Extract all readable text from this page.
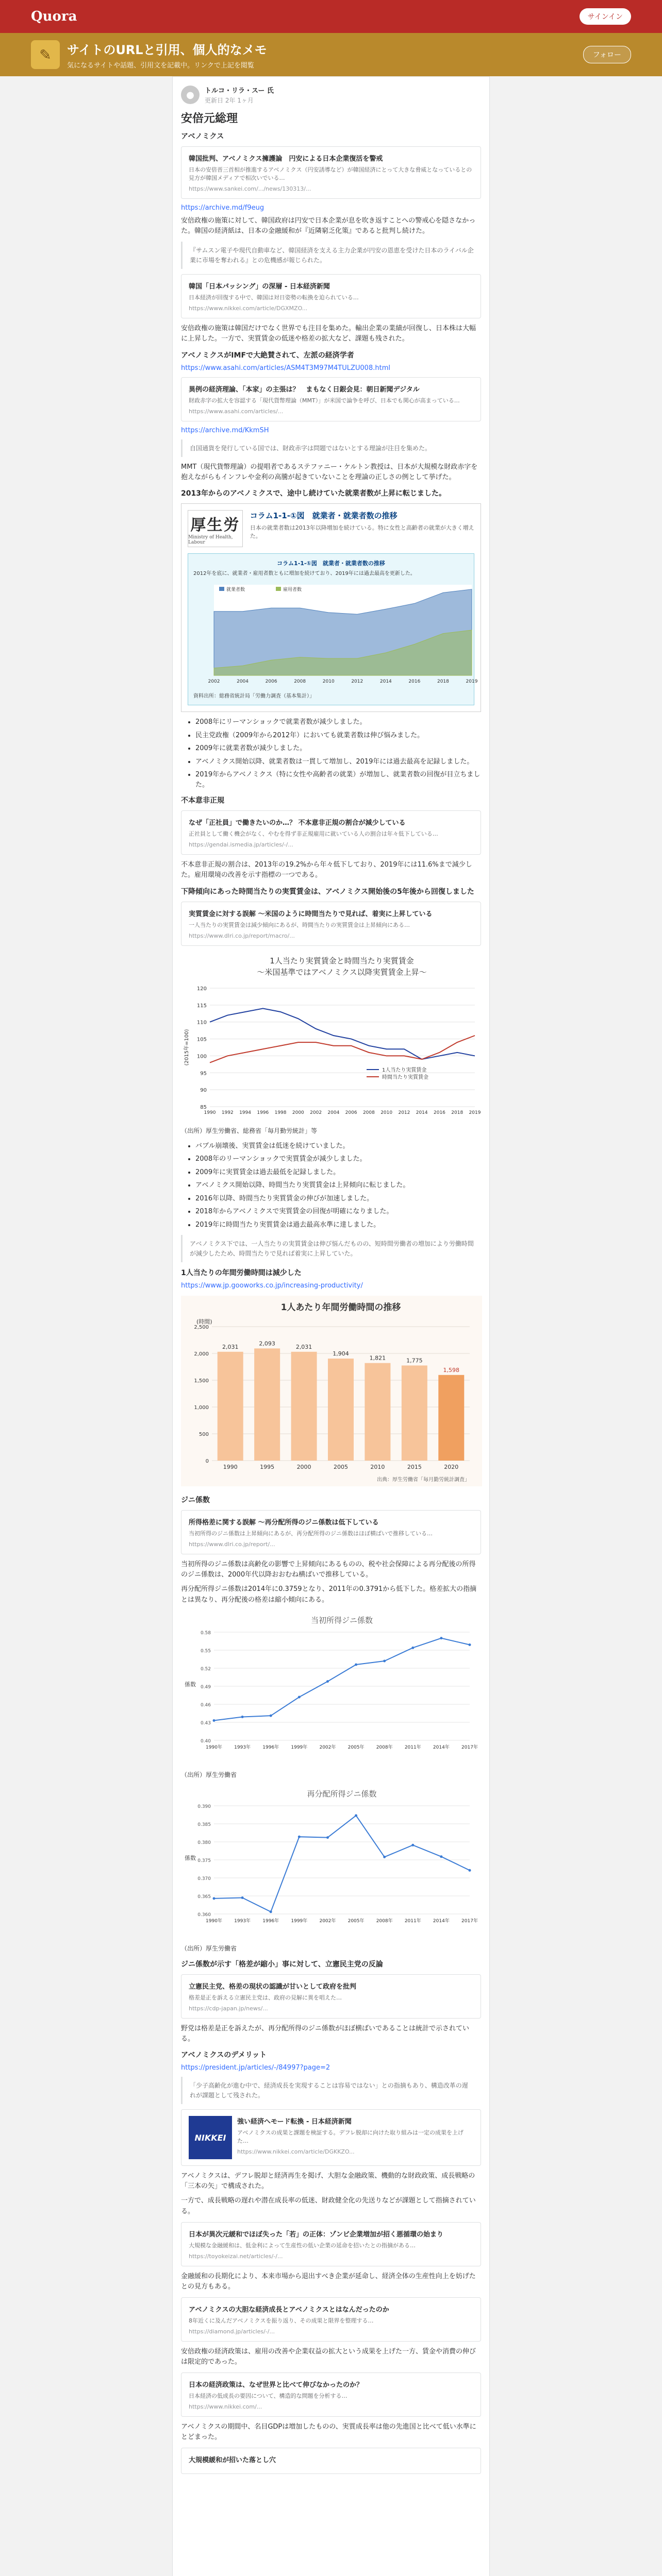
Quora	サインイン
✎	サイトのURLと引用、個人的なメモ
気になるサイトや話題、引用文を記載中。リンクで上記を閲覧
フォロー
●	トルコ・リラ・スー 氏
更新日 2年 1ヶ月
安倍元総理
アベノミクス
韓国批判、アベノミクス擁護論　円安による日本企業復活を警戒
日本の安倍晋三首相が推進するアベノミクス（円安誘導など）が韓国経済にとって大きな脅威となっているとの見方が韓国メディアで相次いでいる…
https://www.sankei.com/.../news/130313/...
https://archive.md/f9eug

安倍政権の施策に対して、韓国政府は円安で日本企業が息を吹き返すことへの警戒心を隠さなかった。韓国の経済紙は、日本の金融緩和が『近隣窮乏化策』であると批判し続けた。

『サムスン電子や現代自動車など、韓国経済を支える主力企業が円安の恩恵を受けた日本のライバル企業に市場を奪われる』との危機感が報じられた。
韓国「日本パッシング」の深層 - 日本経済新聞
日本経済が回復する中で、韓国は対日姿勢の転換を迫られている…
https://www.nikkei.com/article/DGXMZO...

安倍政権の施策は韓国だけでなく世界でも注目を集めた。輸出企業の業績が回復し、日本株は大幅に上昇した。一方で、実質賃金の低迷や格差の拡大など、課題も残された。

アベノミクスがIMFで大絶賛されて、左派の経済学者
https://www.asahi.com/articles/ASM4T3M97M4TULZU008.html
異例の経済理論、「本家」の主張は？　まもなく日銀会見：朝日新聞デジタル
財政赤字の拡大を容認する「現代貨幣理論（MMT）」が米国で論争を呼び、日本でも関心が高まっている…
https://www.asahi.com/articles/...
https://archive.md/KkmSH
自国通貨を発行している国では、財政赤字は問題ではないとする理論が注目を集めた。

MMT（現代貨幣理論）の提唱者であるステファニー・ケルトン教授は、日本が大規模な財政赤字を抱えながらもインフレや金利の高騰が起きていないことを理論の正しさの例として挙げた。

2013年からのアベノミクスで、途中し続けていた就業者数が上昇に転じました。
厚生労
Ministry of Health, Labour
コラム1-1-①図　就業者・就業者数の推移
日本の就業者数は2013年以降増加を続けている。特に女性と高齢者の就業が大きく増えた。
コラム1-1-①図　就業者・就業者数の推移
2012年を底に、就業者・雇用者数ともに増加を続けており、2019年には過去最高を更新した。
2002	2004	2006	2008	2010	2012	2014	2016	2018	2019
就業者数	雇用者数
資料出所：総務省統計局「労働力調査（基本集計）」
• 2008年にリーマンショックで就業者数が減少しました。
• 民主党政権（2009年から2012年）においても就業者数は伸び悩みました。
• 2009年に就業者数が減少しました。
• アベノミクス開始以降、就業者数は一貫して増加し、2019年には過去最高を記録しました。
• 2019年からアベノミクス（特に女性や高齢者の就業）が増加し、就業者数の回復が目立ちました。
不本意非正規
なぜ「正社員」で働きたいのか…？ 不本意非正規の割合が減少している
正社員として働く機会がなく、やむを得ず非正規雇用に就いている人の割合は年々低下している…
https://gendai.ismedia.jp/articles/-/...

不本意非正規の割合は、2013年の19.2%から年々低下しており、2019年には11.6%まで減少した。雇用環境の改善を示す指標の一つである。

下降傾向にあった時間当たりの実質賃金は、アベノミクス開始後の5年後から回復しました
実質賃金に対する誤解 ～米国のように時間当たりで見れば、着実に上昇している
一人当たりの実質賃金は減少傾向にあるが、時間当たりの実質賃金は上昇傾向にある…
https://www.dlri.co.jp/report/macro/...
1人当たり実質賃金と時間当たり実質賃金
〜米国基準ではアベノミクス以降実質賃金上昇〜
85
90
95
100
105
110
115
120
(2015年=100)
1人当たり実質賃金
時間当たり実質賃金
1990 1992 1994 1996 1998 2000 2002 2004 2006 2008 2010 2012 2014 2016 2018 2019
（出所）厚生労働省、総務省「毎月勤労統計」等
• バブル崩壊後、実質賃金は低迷を続けていました。
• 2008年のリーマンショックで実質賃金が減少しました。
• 2009年に実質賃金は過去最低を記録しました。
• アベノミクス開始以降、時間当たり実質賃金は上昇傾向に転じました。
• 2016年以降、時間当たり実質賃金の伸びが加速しました。
• 2018年からアベノミクスで実質賃金の回復が明確になりました。
• 2019年に時間当たり実質賃金は過去最高水準に達しました。
アベノミクス下では、一人当たりの実質賃金は伸び悩んだものの、短時間労働者の増加により労働時間が減少したため、時間当たりで見れば着実に上昇していた。
1人当たりの年間労働時間は減少した
https://www.jp.gooworks.co.jp/increasing-productivity/
1人あたり年間労働時間の推移
(時間)
0
500
1,000
1,500
2,000
2,500
2,031
1990
2,093
1995
2,031
2000
1,904
2005
1,821
2010
1,775
2015
1,598
2020
出典：厚生労働省「毎月勤労統計調査」
ジニ係数
所得格差に関する誤解 ～再分配所得のジニ係数は低下している
当初所得のジニ係数は上昇傾向にあるが、再分配所得のジニ係数はほぼ横ばいで推移している…
https://www.dlri.co.jp/report/...

当初所得のジニ係数は高齢化の影響で上昇傾向にあるものの、税や社会保障による再分配後の所得のジニ係数は、2000年代以降おおむね横ばいで推移している。

再分配所得ジニ係数は2014年に0.3759となり、2011年の0.3791から低下した。格差拡大の指摘とは異なり、再分配後の格差は縮小傾向にある。

当初所得ジニ係数
0.40
0.43
0.46
0.49
0.52
0.55
0.58
係数
1990年	1993年	1996年	1999年	2002年	2005年	2008年	2011年	2014年	2017年
（出所）厚生労働省
再分配所得ジニ係数
0.360
0.365
0.370
0.375
0.380
0.385
0.390
係数
1990年	1993年	1996年	1999年	2002年	2005年	2008年	2011年	2014年	2017年
（出所）厚生労働省
ジニ係数が示す「格差が縮小」事に対して、立憲民主党の反論
立憲民主党、格差の現状の認識が甘いとして政府を批判
格差是正を訴える立憲民主党は、政府の見解に異を唱えた…
https://cdp-japan.jp/news/...

野党は格差是正を訴えたが、再分配所得のジニ係数がほぼ横ばいであることは統計で示されている。

アベノミクスのデメリット
https://president.jp/articles/-/84997?page=2
「少子高齢化が進む中で、経済成長を実現することは容易ではない」との指摘もあり、構造改革の遅れが課題として残された。
NIKKEI
強い経済へモード転換 - 日本経済新聞
アベノミクスの成果と課題を検証する。デフレ脱却に向けた取り組みは一定の成果を上げた…
https://www.nikkei.com/article/DGKKZO...

アベノミクスは、デフレ脱却と経済再生を掲げ、大胆な金融政策、機動的な財政政策、成長戦略の「三本の矢」で構成された。

一方で、成長戦略の遅れや潜在成長率の低迷、財政健全化の先送りなどが課題として指摘されている。

日本が異次元緩和でほぼ失った「若」の正体：ゾンビ企業増加が招く悪循環の始まり
大規模な金融緩和は、低金利によって生産性の低い企業の延命を招いたとの指摘がある…
https://toyokeizai.net/articles/-/...

金融緩和の長期化により、本来市場から退出すべき企業が延命し、経済全体の生産性向上を妨げたとの見方もある。

アベノミクスの大胆な経済成長とアベノミクスとはなんだったのか
8年近くに及んだアベノミクスを振り返り、その成果と限界を整理する…
https://diamond.jp/articles/-/...

安倍政権の経済政策は、雇用の改善や企業収益の拡大という成果を上げた一方、賃金や消費の伸びは限定的であった。

日本の経済政策は、なぜ世界と比べて伸びなかったのか？
日本経済の低成長の要因について、構造的な問題を分析する…
https://www.nikkei.com/...

アベノミクスの期間中、名目GDPは増加したものの、実質成長率は他の先進国と比べて低い水準にとどまった。

大規模緩和が招いた落とし穴
